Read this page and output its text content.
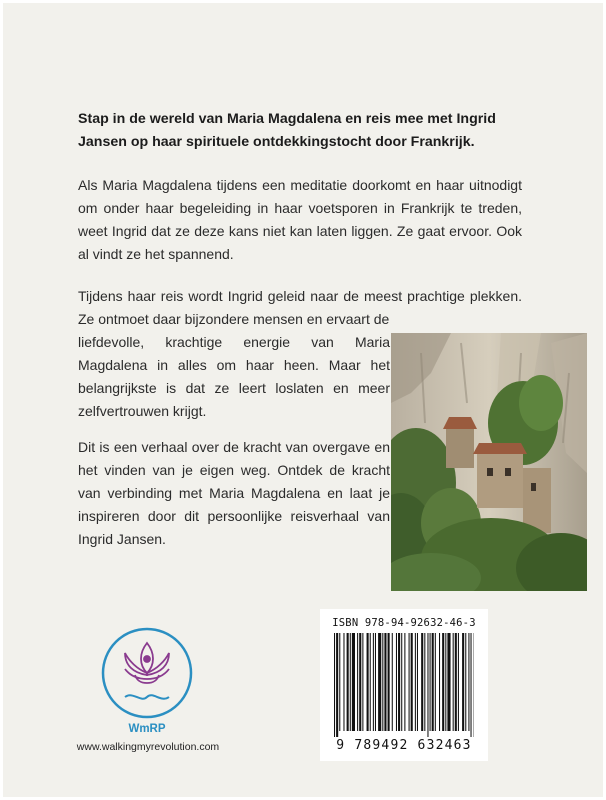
Stap in de wereld van Maria Magdalena en reis mee met Ingrid Jansen op haar spirituele ontdekkingstocht door Frankrijk.

Als Maria Magdalena tijdens een meditatie doorkomt en haar uitnodigt om onder haar begeleiding in haar voetsporen in Frankrijk te treden, weet Ingrid dat ze deze kans niet kan laten liggen. Ze gaat ervoor. Ook al vindt ze het spannend.

Tijdens haar reis wordt Ingrid geleid naar de meest prachtige plekken. Ze ontmoet daar bijzondere mensen en ervaart de

liefdevolle, krachtige energie van Maria Magdalena in alles om haar heen. Maar het belangrijkste is dat ze leert loslaten en meer zelfvertrouwen krijgt.

Dit is een verhaal over de kracht van overgave en het vinden van je eigen weg. Ontdek de kracht van verbinding met Maria Magdalena en laat je inspireren door dit persoonlijke reisverhaal van Ingrid Jansen.

WmRP
www.walkingmyrevolution.com
ISBN 978-94-92632-46-3
9 789492 632463
